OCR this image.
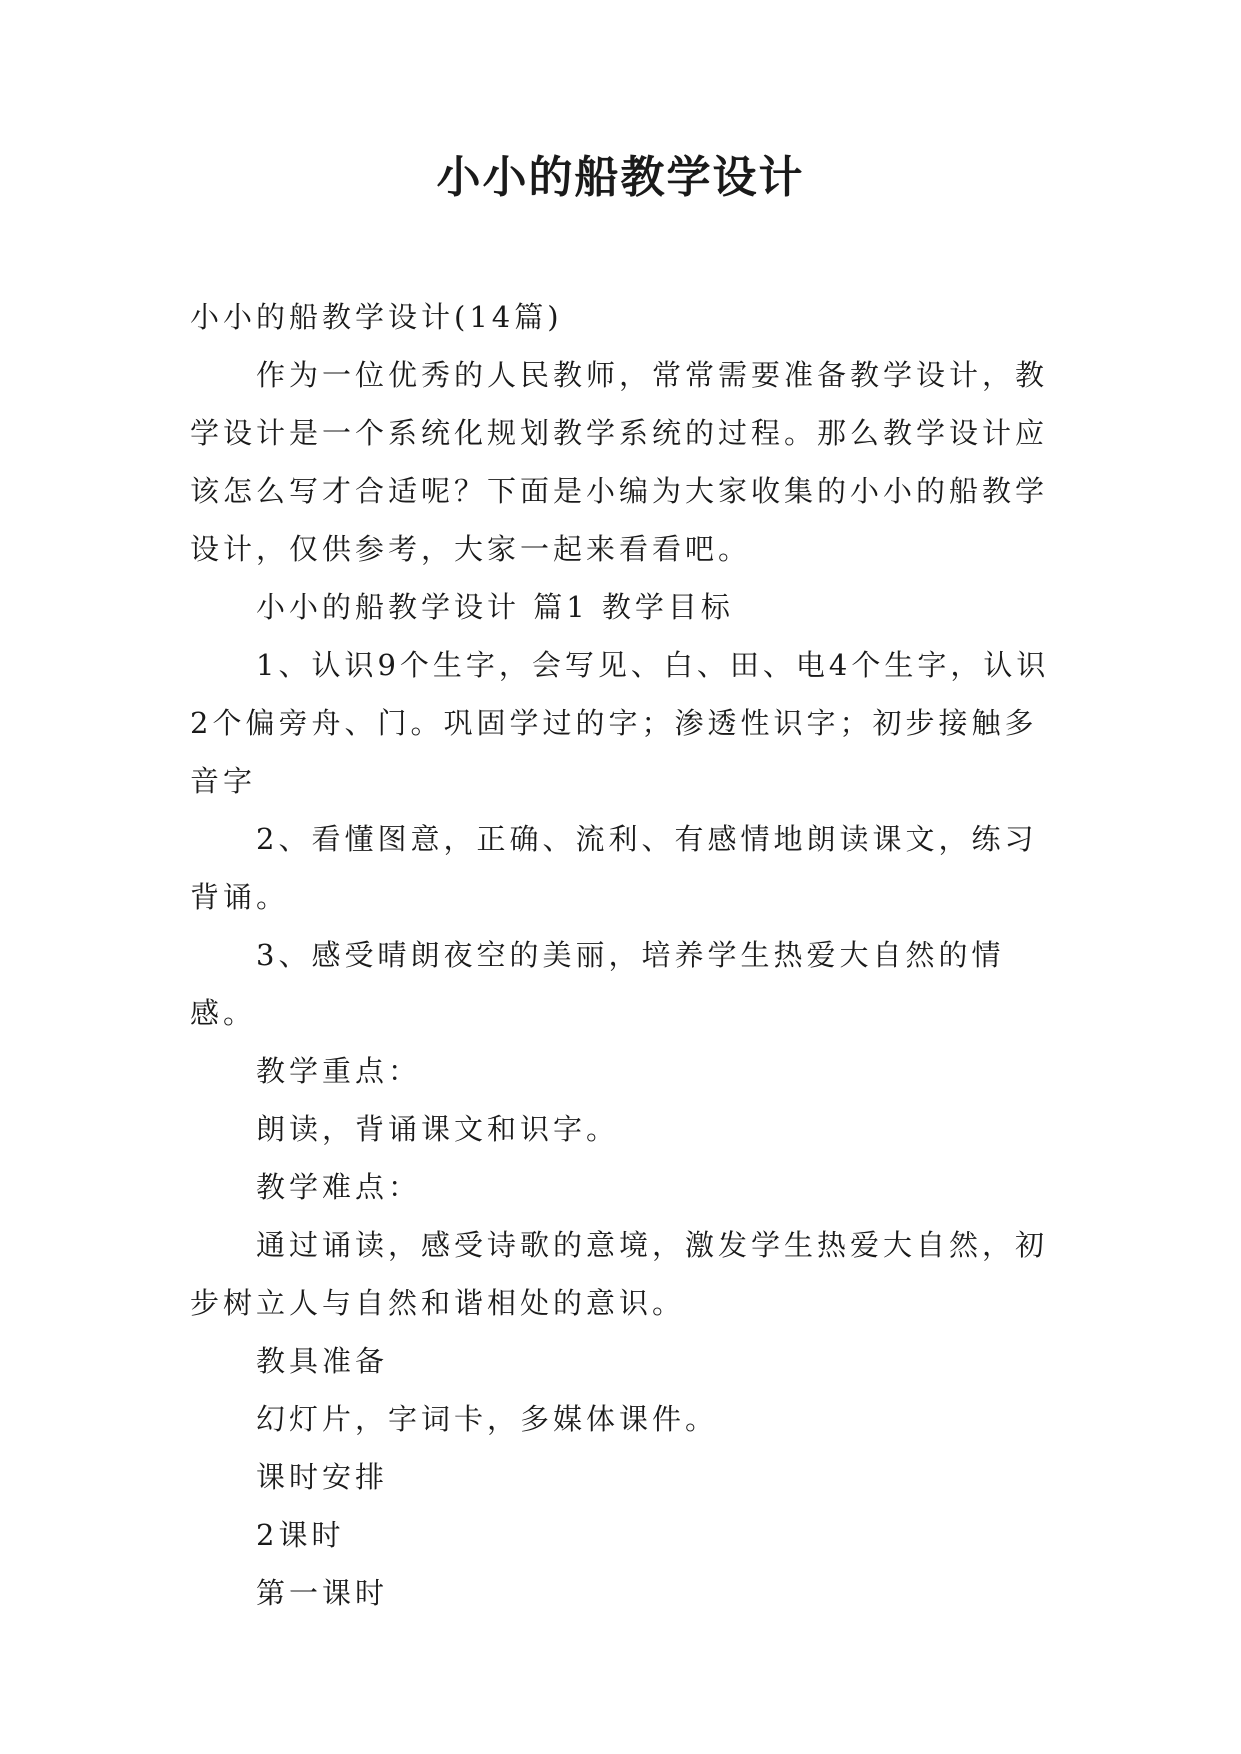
小小的船教学设计

小小的船教学设计(14篇)

作为一位优秀的人民教师，常常需要准备教学设计，教学设计是一个系统化规划教学系统的过程。那么教学设计应该怎么写才合适呢？下面是小编为大家收集的小小的船教学设计，仅供参考，大家一起来看看吧。

小小的船教学设计 篇1 教学目标

1、认识9个生字，会写见、白、田、电4个生字，认识2个偏旁舟、门。巩固学过的字；渗透性识字；初步接触多音字

2、看懂图意，正确、流利、有感情地朗读课文，练习背诵。

3、感受晴朗夜空的美丽，培养学生热爱大自然的情感。

教学重点：

朗读，背诵课文和识字。

教学难点：

通过诵读，感受诗歌的意境，激发学生热爱大自然，初步树立人与自然和谐相处的意识。

教具准备

幻灯片，字词卡，多媒体课件。

课时安排

2课时

第一课时
